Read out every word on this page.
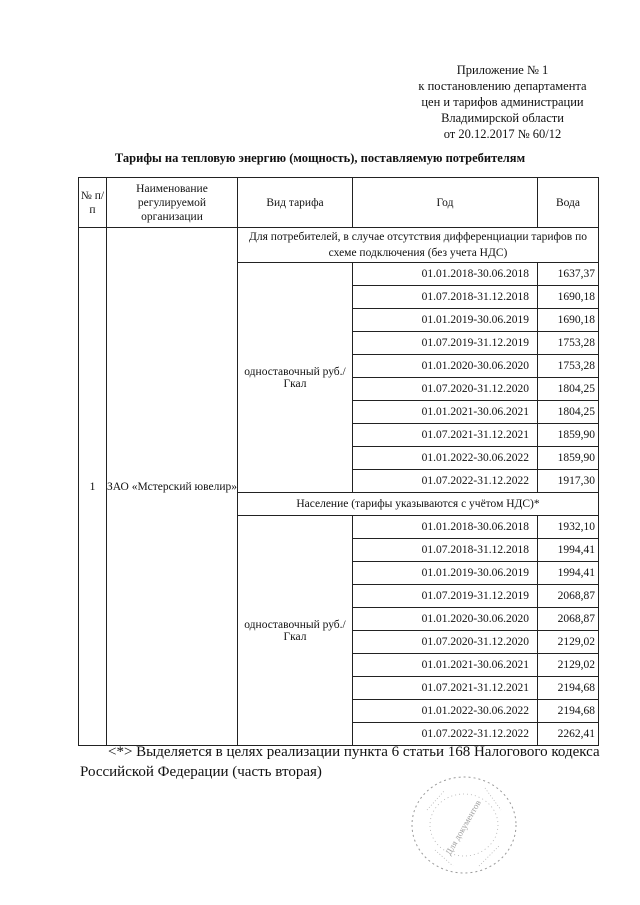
Приложение № 1
к постановлению департамента
цен и тарифов администрации
Владимирской области
от 20.12.2017 № 60/12
Тарифы на тепловую энергию (мощность), поставляемую потребителям
№ п/п	Наименование регулируемой организации	Вид тарифа	Год	Вода
1	ЗАО «Мстерский ювелир»	Для потребителей, в случае отсутствия дифференциации тарифов по схеме подключения (без учета НДС)		
		одноставочный руб./Гкал	01.01.2018-30.06.2018	1637,37
			01.07.2018-31.12.2018	1690,18
			01.01.2019-30.06.2019	1690,18
			01.07.2019-31.12.2019	1753,28
			01.01.2020-30.06.2020	1753,28
			01.07.2020-31.12.2020	1804,25
			01.01.2021-30.06.2021	1804,25
			01.07.2021-31.12.2021	1859,90
			01.01.2022-30.06.2022	1859,90
			01.07.2022-31.12.2022	1917,30
		Население (тарифы указываются с учётом НДС)*		
		одноставочный руб./Гкал	01.01.2018-30.06.2018	1932,10
			01.07.2018-31.12.2018	1994,41
			01.01.2019-30.06.2019	1994,41
			01.07.2019-31.12.2019	2068,87
			01.01.2020-30.06.2020	2068,87
			01.07.2020-31.12.2020	2129,02
			01.01.2021-30.06.2021	2129,02
			01.07.2021-31.12.2021	2194,68
			01.01.2022-30.06.2022	2194,68
			01.07.2022-31.12.2022	2262,41
<*> Выделяется в целях реализации пункта 6 статьи 168 Налогового кодекса Российской Федерации (часть вторая)
Для документов
